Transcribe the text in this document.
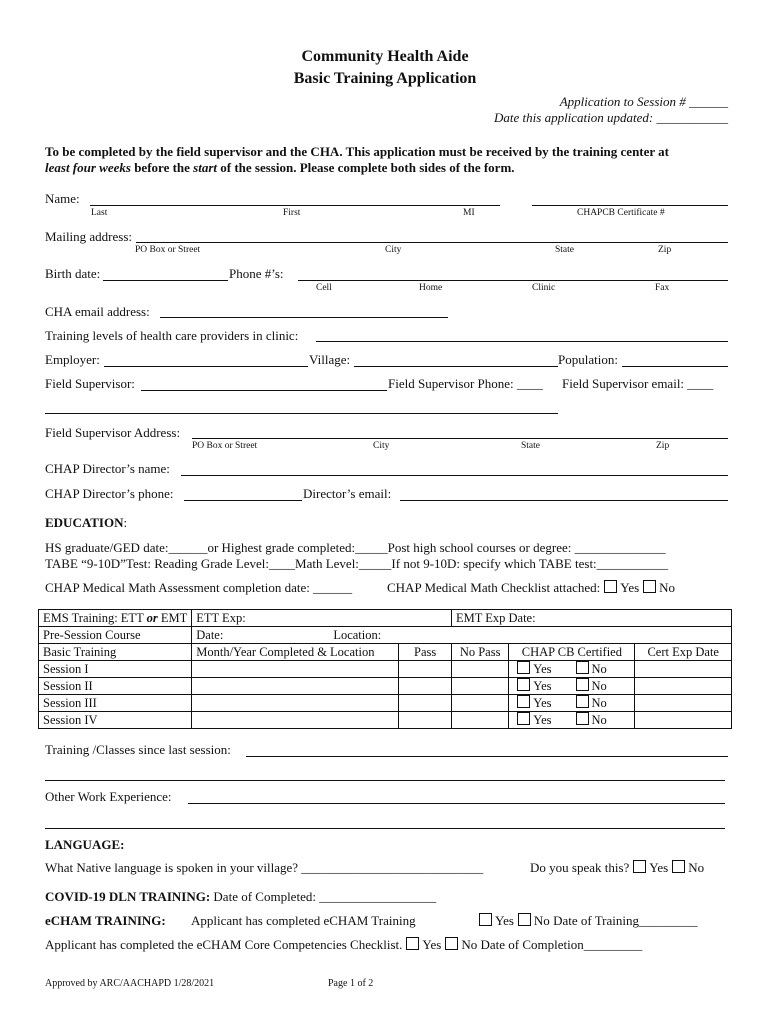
Community Health Aide
Basic Training Application
Application to Session # ______
Date this application updated: ___________
To be completed by the field supervisor and the CHA. This application must be received by the training center at
least four weeks before the start of the session. Please complete both sides of the form.
Name:
Last	First	MI	CHAPCB Certificate #
Mailing address:
PO Box or Street	City	State	Zip
Birth date:	Phone #’s:
Cell	Home	Clinic	Fax
CHA email address:
Training levels of health care providers in clinic:
Employer:	Village:	Population:
Field Supervisor:	Field Supervisor Phone: ____ Field Supervisor email: ____
Field Supervisor Address:
PO Box or Street	City	State	Zip
CHAP Director’s name:
CHAP Director’s phone:	Director’s email:
EDUCATION:
HS graduate/GED date:______or Highest grade completed:_____Post high school courses or degree: ______________
TABE “9-10D”Test: Reading Grade Level:____Math Level:_____If not 9-10D: specify which TABE test:___________
CHAP Medical Math Assessment completion date: ______	CHAP Medical Math Checklist attached: Yes No
EMS Training: ETT or EMT	ETT Exp:		EMT Exp Date:		
Pre-Session Course	Date: Location:				
Basic Training	Month/Year Completed & Location	Pass	No Pass	CHAP CB Certified	Cert Exp Date
Session I				Yes No	
Session II				Yes No	
Session III				Yes No	
Session IV				Yes No	
Training /Classes since last session:
Other Work Experience:
LANGUAGE:
What Native language is spoken in your village? ____________________________	Do you speak this? Yes No
COVID-19 DLN TRAINING: Date of Completed: __________________
eCHAM TRAINING: Applicant has completed eCHAM Training	Yes No Date of Training_________
Applicant has completed the eCHAM Core Competencies Checklist. Yes No Date of Completion_________
Approved by ARC/AACHAPD 1/28/2021	Page 1 of 2
